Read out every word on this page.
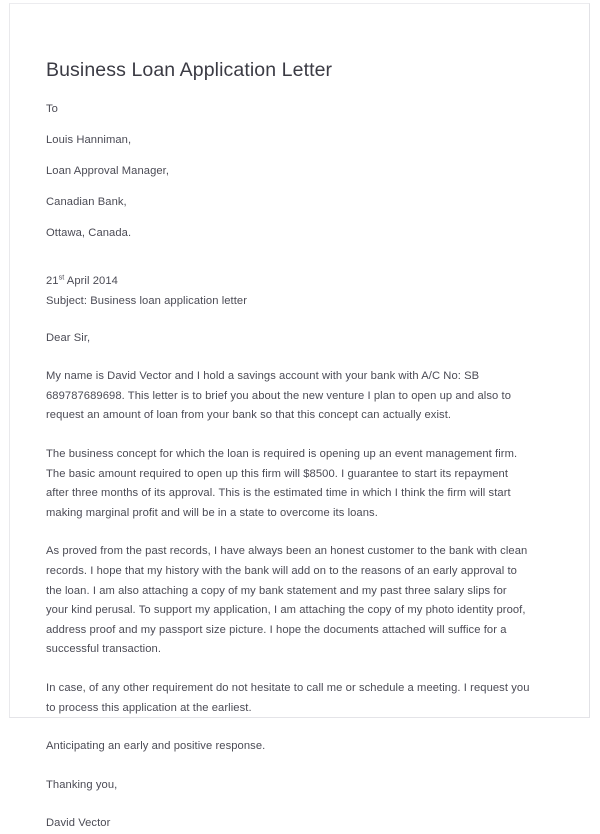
Business Loan Application Letter

To

Louis Hanniman,

Loan Approval Manager,

Canadian Bank,

Ottawa, Canada.

21st April 2014

Subject: Business loan application letter

Dear Sir,

My name is David Vector and I hold a savings account with your bank with A/C No: SB 689787689698. This letter is to brief you about the new venture I plan to open up and also to request an amount of loan from your bank so that this concept can actually exist.

The business concept for which the loan is required is opening up an event management firm. The basic amount required to open up this firm will $8500. I guarantee to start its repayment after three months of its approval. This is the estimated time in which I think the firm will start making marginal profit and will be in a state to overcome its loans.

As proved from the past records, I have always been an honest customer to the bank with clean records. I hope that my history with the bank will add on to the reasons of an early approval to the loan. I am also attaching a copy of my bank statement and my past three salary slips for your kind perusal. To support my application, I am attaching the copy of my photo identity proof, address proof and my passport size picture. I hope the documents attached will suffice for a successful transaction.

In case, of any other requirement do not hesitate to call me or schedule a meeting. I request you to process this application at the earliest.

Anticipating an early and positive response.

Thanking you,

David Vector
